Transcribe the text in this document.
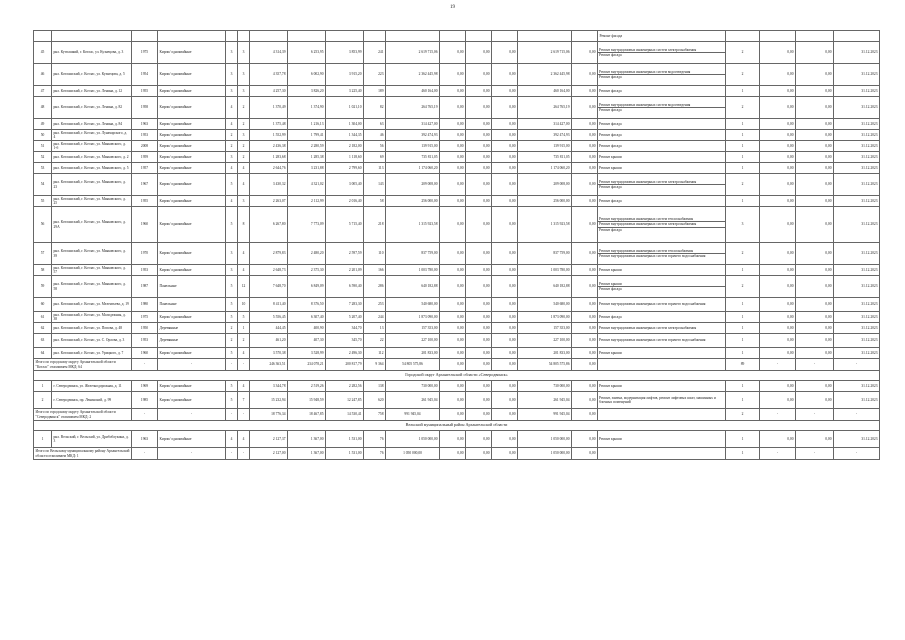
19
																Ремонт фасада				
45	рнл. Кутпашкий, г. Котлас, ул. Кузнецова, д. 3	1975	Кирпи/ одноквайные	3	3	4 314,39	6 253,95	3 853,99	241	2 619 715,06	0,00	0,00	0,00	2 619 715,06	0,00	Ремонт внутридомовых инженерных систем электроснабжения
Ремонт фасада	2	0,00	0,00	31.12.2023
46	рнл. Котлашский, г. Котлас, ул. Кузнецова, д. 5	1954	Кирпи/ одноквайные	3	3	4 357,78	6 002,90	3 915,20	223	2 362 445,98	0,00	0,00	0,00	2 362 445,98	0,00	Ремонт внутридомовых инженерных систем водоотведения
Ремонт фасада	2	0,00	0,00	31.12.2023
47	рнл. Котлашский, г. Котлас, ул. Ленина, д. 12	1955	Кирпи/ одноквайные	3	3	4 257,30	3 826,20	3 225,40	189	460 164,00	0,00	0,00	0,00	460 164,00	0,00	Ремонт фасада	1	0,00	0,00	31.12.2023
48	рнл. Котлашский, г. Котлас, ул. Ленина, д. 82	1958	Кирпи/ одноквайные	4	2	1 370,49	1 374,90	1 021,10	82	264 765,19	0,00	0,00	0,00	264 765,19	0,00	Ремонт внутридомовых инженерных систем водоотведения
Ремонт фасада	2	0,00	0,00	31.12.2023
49	рнл. Котлашский, г. Котлас, ул. Ленина, д. 84	1963	Кирпи/ одноквайные	4	2	1 375,48	1 216,13	1 304,00	63	314 427,00	0,00	0,00	0,00	314 427,00	0,00	Ремонт фасада	1	0,00	0,00	31.12.2023
50	рнл. Котлашский, г. Котлас, ул. Луначарского, д. 4	1953	Кирпи/ одноквайные	2	3	1 552,99	1 799,41	1 344,35	46	392 474,93	0,00	0,00	0,00	392 474,93	0,00	Ремонт фасада	1	0,00	0,00	31.12.2023
51	рнл. Котлашский, г. Котлас, ул. Маяковского, д. 1-б	2008	Кирпи/ одноквайные	2	2	2 436,38	2 280,59	2 182,00	56	139 915,00	0,00	0,00	0,00	139 915,00	0,00	Ремонт фасада	1	0,00	0,00	31.12.2023
52	рнл. Котлашский, г. Котлас, ул. Маяковского, д. 2	1959	Кирпи/ одноквайные	3	2	1 283,68	1 285,38	1 118,60	69	735 811,05	0,00	0,00	0,00	735 811,05	0,00	Ремонт крыши	1	0,00	0,00	31.12.2023
53	рнл. Котлашский, г. Котлас, ул. Маяковского, д. 5	1957	Кирпи/ одноквайные	4	4	2 644,76	3 231,88	2 799,60	113	1 174 060,20	0,00	0,00	0,00	1 174 060,20	0,00	Ремонт крыши	1	0,00	0,00	31.12.2023
54	рнл. Котлашский, г. Котлас, ул. Маяковского, д. 23	1967	Кирпи/ одноквайные	5	4	3 430,32	4 321,02	3 005,40	143	209 008,00	0,00	0,00	0,00	209 008,00	0,00	Ремонт внутридомовых инженерных систем электроснабжения
Ремонт фасада	2	0,00	0,00	31.12.2023
55	рнл. Котлашский, г. Котлас, ул. Маяковского, д. 25	1955	Кирпи/ одноквайные	4	3	2 263,07	2 112,99	2 016,40	58	256 000,00	0,00	0,00	0,00	256 000,00	0,00	Ремонт фасада	1	0,00	0,00	31.12.2023
56	рнл. Котлашский, г. Котлас, ул. Маяковского, д. 29А	1960	Кирпи/ одноквайные	5	8	6 267,80	7 773,09	5 715,40	218	1 315 923,58	0,00	0,00	0,00	1 315 923,58	0,00	Ремонт внутридомовых инженерных систем теплоснабжения
Ремонт внутридомовых инженерных систем электроснабжения
Ремонт фасада	3	0,00	0,00	31.12.2023
57	рнл. Котлашский, г. Котлас, ул. Маяковского, д. 39	1970	Кирпи/ одноквайные	3	4	2 879,83	2 480,20	2 597,59	110	837 759,00	0,00	0,00	0,00	837 759,00	0,00	Ремонт внутридомовых инженерных систем теплоснабжения
Ремонт внутридомовых инженерных систем горячего водоснабжения	2	0,00	0,00	31.12.2023
58	рнл. Котлашский, г. Котлас, ул. Маяковского, д. 57	1953	Кирпи/ одноквайные	3	4	2 648,73	2 375,30	2 201,09	166	1 003 780,00	0,00	0,00	0,00	1 003 780,00	0,00	Ремонт крыши	1	0,00	0,00	31.12.2023
59	рнл. Котлашский, г. Котлас, ул. Маяковского, д. 58	1987	Панельные	5	12	7 648,70	6 849,09	6 590,40	286	640 182,88	0,00	0,00	0,00	640 182,88	0,00	Ремонт крыши
Ремонт фасада	2	0,00	0,00	31.12.2023
60	рнл. Котлашский, г. Котлас, ул. Мелентьева, д. 19	1980	Панельные	5	10	8 411,40	8 376,50	7 283,30	253	540 680,00	0,00	0,00	0,00	540 680,00	0,00	Ремонт внутридомовых инженерных систем горячего водоснабжения	1	0,00	0,00	31.12.2023
61	рнл. Котлашский, г. Котлас, ул. Молодежная, д. 38	1975	Кирпи/ одноквайные	5	5	5 556,45	6 307,40	5 207,40	244	1 873 090,00	0,00	0,00	0,00	1 873 090,00	0,00	Ремонт фасада	1	0,00	0,00	31.12.2023
62	рнл. Котлашский, г. Котлас, ул. Попова, д. 48	1950	Деревянные	2	1	444,45	400,90	344,70	13	157 353,00	0,00	0,00	0,00	157 353,00	0,00	Ремонт внутридомовых инженерных систем электроснабжения	1	0,00	0,00	31.12.2023
63	рнл. Котлашский, г. Котлас, ул. С. Орлова, д. 3	1953	Деревянные	2	2	461,20	407,30	345,70	22	227 100,00	0,00	0,00	0,00	227 100,00	0,00	Ремонт внутридомовых инженерных систем горячего водоснабжения	1	0,00	0,00	31.12.2023
64	рнл. Котлашский, г. Котлас, ул. Урицкого, д. 7	1960	Кирпи/ одноквайные	5	4	3 570,38	3 528,99	2 496,30	112	201 833,00	0,00	0,00	0,00	201 833,00	0,00	Ремонт крыши	1	0,00	0,00	31.12.2023
Итого по городскому округу Архангельской области "Котлас" отапливаем МКД: 64		-	-	-	-	246 363,51	234 078,21	200 817,79	9 364	54 805 575,86	0,00	0,00	0,00	54 805 575,86	0,00		89	-	-	-
Городской округ Архангельской области «Северодвинск»																				
1	г. Северодвинск, ул. Железнодорожная, д. 11	1969	Кирпи/ одноквайные	5	4	3 344,78	2 519,26	2 282,56	138	730 000,00	0,00	0,00	0,00	730 000,00	0,00	Ремонт крыши	1	0,00	0,00	31.12.2023
2	г. Северодвинск, пр. Ленинский, д. 99	1985	Кирпи/ одноквайные	5	7	15 232,94	15 948,59	12 247,85	620	261 945,04	0,00	0,00	0,00	261 945,04	0,00	Ремонт, замена, модернизация лифтов, ремонт лифтовых шахт, машинных и блочных помещений	1	0,00	0,00	31.12.2023
Итого по городскому округу Архангельской области "Северодвинск" отапливаем МКД: 2		-	-	-	-	18 776,34	18 467,85	14 530,41	758	991 945,04	0,00	0,00	0,00	991 945,04	0,00		2	-	-	-
Вельский муниципальный район Архангельской области																				
1	рнл. Вельский, г. Вельский, ул. Дрибоблукина, д. 3	1963	Кирпи/ одноквайные	4	4	2 127,37	1 367,00	1 531,00	76	1 050 000,00	0,00	0,00	0,00	1 050 000,00	0,00	Ремонт крыши	1	0,00	0,00	31.12.2023
Итого по Вельскому муниципальному району Архангельской области отапливаем МКД: 1		-	-	-	-	2 127,00	1 367,00	1 531,00	76	1 050 000,00	0,00	0,00	0,00	1 050 000,00	0,00		1	-	-	-
